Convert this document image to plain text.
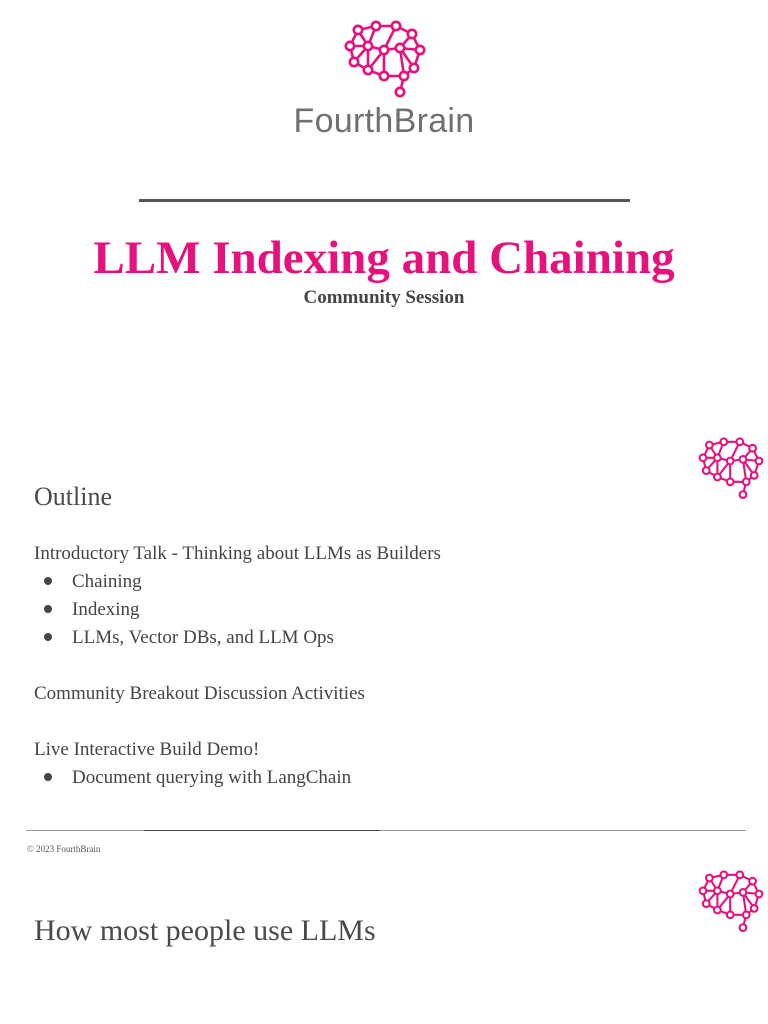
FourthBrain
LLM Indexing and Chaining
Community Session
Outline
Introductory Talk - Thinking about LLMs as Builders
Chaining
Indexing
LLMs, Vector DBs, and LLM Ops
Community Breakout Discussion Activities
Live Interactive Build Demo!
Document querying with LangChain
© 2023 FourthBrain
How most people use LLMs
